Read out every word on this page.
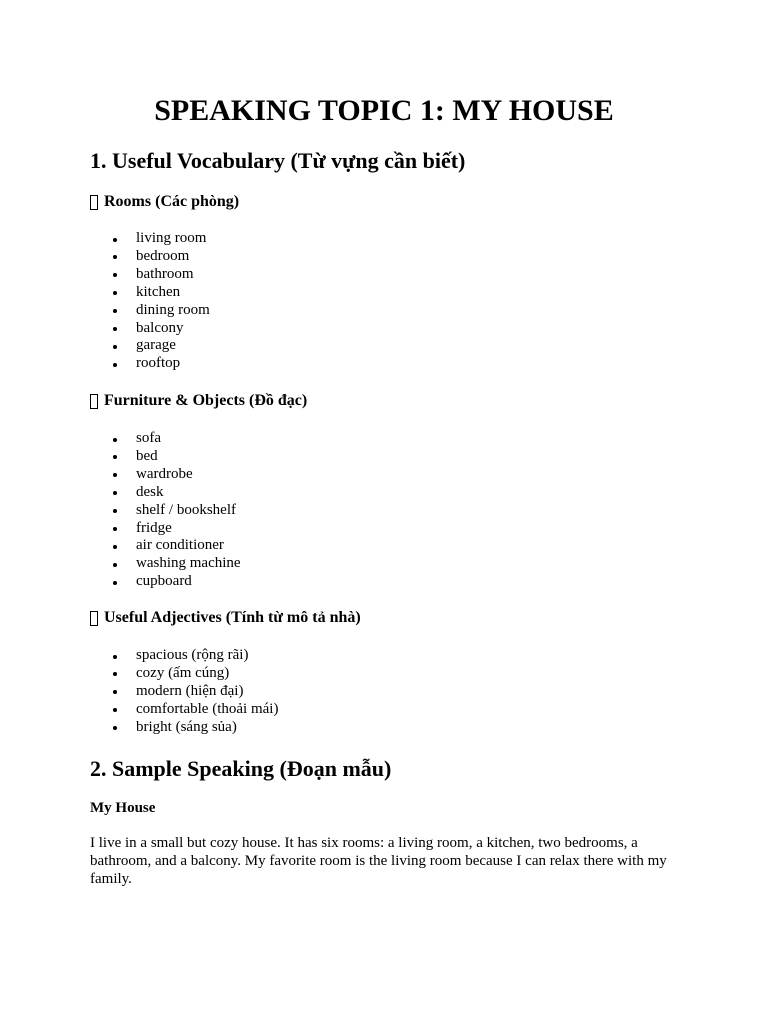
SPEAKING TOPIC 1: MY HOUSE
1. Useful Vocabulary (Từ vựng cần biết)
Rooms (Các phòng)
living room
bedroom
bathroom
kitchen
dining room
balcony
garage
rooftop
Furniture & Objects (Đồ đạc)
sofa
bed
wardrobe
desk
shelf / bookshelf
fridge
air conditioner
washing machine
cupboard
Useful Adjectives (Tính từ mô tả nhà)
spacious (rộng rãi)
cozy (ấm cúng)
modern (hiện đại)
comfortable (thoải mái)
bright (sáng sủa)
2. Sample Speaking (Đoạn mẫu)
My House

I live in a small but cozy house. It has six rooms: a living room, a kitchen, two bedrooms, a bathroom, and a balcony. My favorite room is the living room because I can relax there with my family.
